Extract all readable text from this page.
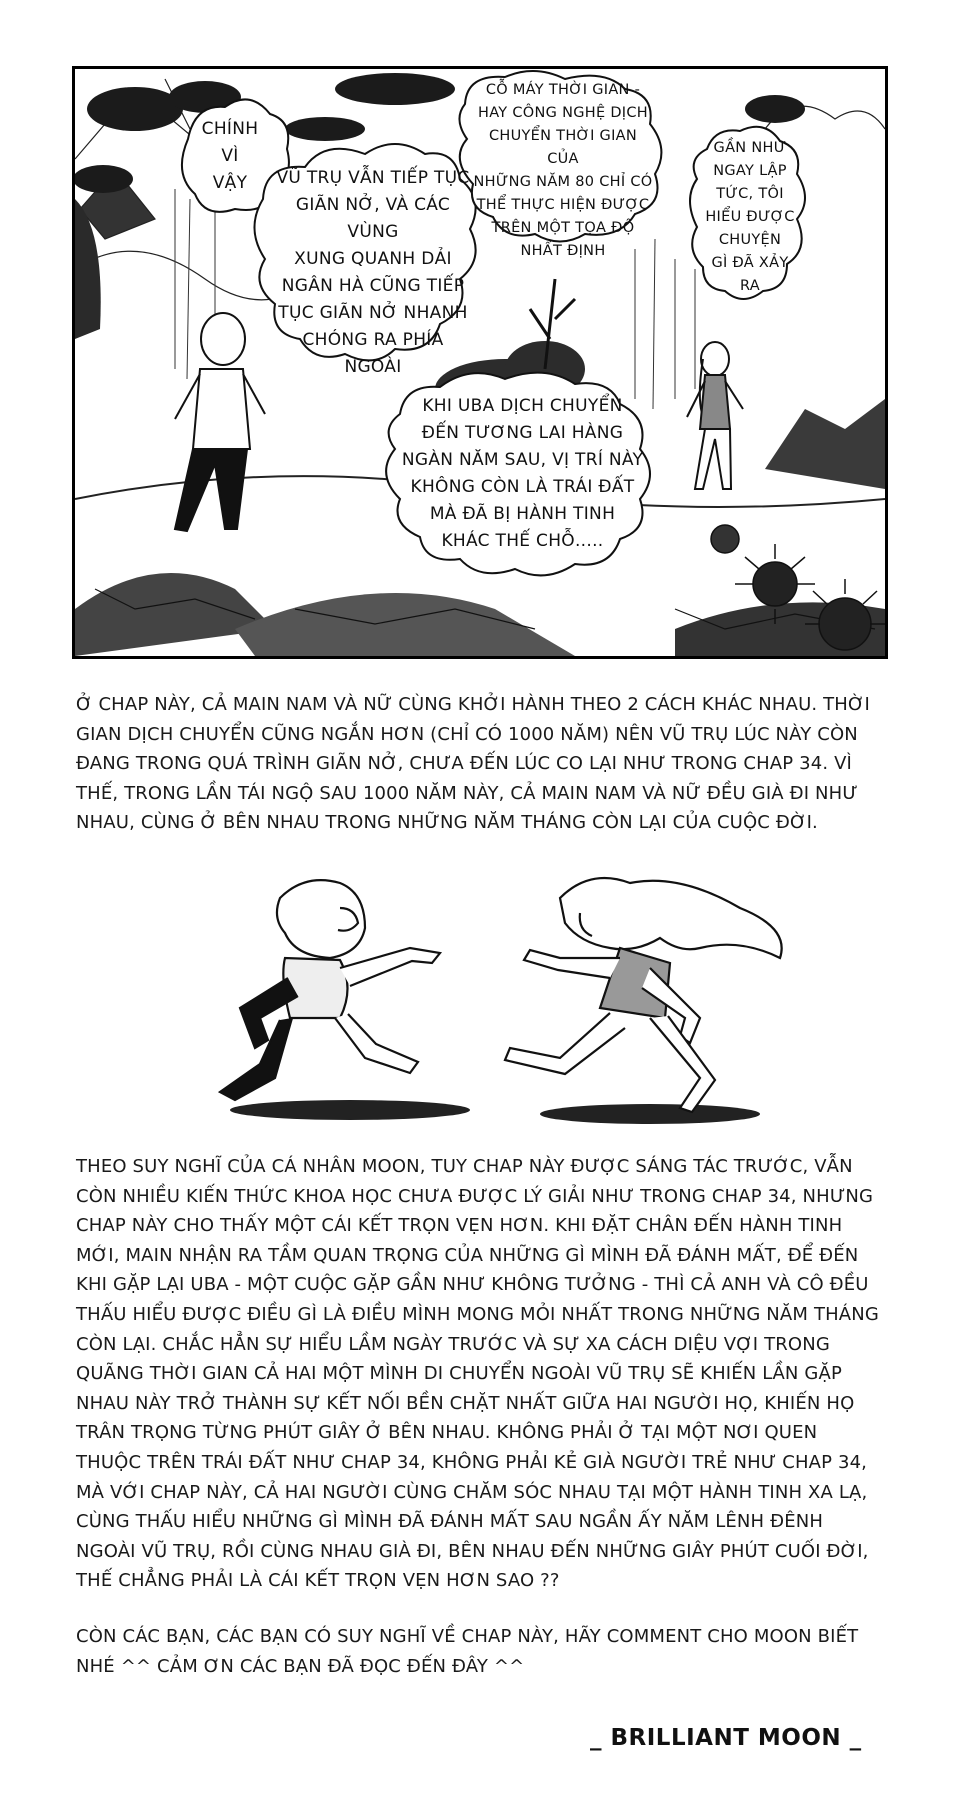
CHÍNH
VÌ
VẬY	VŨ TRỤ VẪN TIẾP TỤC
GIÃN NỞ, VÀ CÁC VÙNG
XUNG QUANH DẢI
NGÂN HÀ CŨNG TIẾP
TỤC GIÃN NỞ NHANH
CHÓNG RA PHÍA
NGOÀI
CỖ MÁY THỜI GIAN -
HAY CÔNG NGHỆ DỊCH
CHUYỂN THỜI GIAN CỦA
NHỮNG NĂM 80 CHỈ CÓ
THỂ THỰC HIỆN ĐƯỢC
TRÊN MỘT TỌA ĐỘ
NHẤT ĐỊNH
GẦN NHƯ
NGAY LẬP
TỨC, TÔI
HIỂU ĐƯỢC
CHUYỆN
GÌ ĐÃ XẢY
RA
KHI UBA DỊCH CHUYỂN
ĐẾN TƯƠNG LAI HÀNG
NGÀN NĂM SAU, VỊ TRÍ NÀY
KHÔNG CÒN LÀ TRÁI ĐẤT
MÀ ĐÃ BỊ HÀNH TINH
KHÁC THẾ CHỖ.....
Ở CHAP NÀY, CẢ MAIN NAM VÀ NỮ CÙNG KHỞI HÀNH THEO 2 CÁCH KHÁC NHAU. THỜI GIAN DỊCH CHUYỂN CŨNG NGẮN HƠN (CHỈ CÓ 1000 NĂM) NÊN VŨ TRỤ LÚC NÀY CÒN ĐANG TRONG QUÁ TRÌNH GIÃN NỞ, CHƯA ĐẾN LÚC CO LẠI NHƯ TRONG CHAP 34. VÌ THẾ, TRONG LẦN TÁI NGỘ SAU 1000 NĂM NÀY, CẢ MAIN NAM VÀ NỮ ĐỀU GIÀ ĐI NHƯ NHAU, CÙNG Ở BÊN NHAU TRONG NHỮNG NĂM THÁNG CÒN LẠI CỦA CUỘC ĐỜI.
THEO SUY NGHĨ CỦA CÁ NHÂN MOON, TUY CHAP NÀY ĐƯỢC SÁNG TÁC TRƯỚC, VẪN CÒN NHIỀU KIẾN THỨC KHOA HỌC CHƯA ĐƯỢC LÝ GIẢI NHƯ TRONG CHAP 34, NHƯNG CHAP NÀY CHO THẤY MỘT CÁI KẾT TRỌN VẸN HƠN. KHI ĐẶT CHÂN ĐẾN HÀNH TINH MỚI, MAIN NHẬN RA TẦM QUAN TRỌNG CỦA NHỮNG GÌ MÌNH ĐÃ ĐÁNH MẤT, ĐỂ ĐẾN KHI GẶP LẠI UBA - MỘT CUỘC GẶP GẦN NHƯ KHÔNG TƯỞNG - THÌ CẢ ANH VÀ CÔ ĐỀU THẤU HIỂU ĐƯỢC ĐIỀU GÌ LÀ ĐIỀU MÌNH MONG MỎI NHẤT TRONG NHỮNG NĂM THÁNG CÒN LẠI. CHẮC HẲN SỰ HIỂU LẦM NGÀY TRƯỚC VÀ SỰ XA CÁCH DIỆU VỢI TRONG QUÃNG THỜI GIAN CẢ HAI MỘT MÌNH DI CHUYỂN NGOÀI VŨ TRỤ SẼ KHIẾN LẦN GẶP NHAU NÀY TRỞ THÀNH SỰ KẾT NỐI BỀN CHẶT NHẤT GIỮA HAI NGƯỜI HỌ, KHIẾN HỌ TRÂN TRỌNG TỪNG PHÚT GIÂY Ở BÊN NHAU. KHÔNG PHẢI Ở TẠI MỘT NƠI QUEN THUỘC TRÊN TRÁI ĐẤT NHƯ CHAP 34, KHÔNG PHẢI KẺ GIÀ NGƯỜI TRẺ NHƯ CHAP 34, MÀ VỚI CHAP NÀY, CẢ HAI NGƯỜI CÙNG CHĂM SÓC NHAU TẠI MỘT HÀNH TINH XA LẠ, CÙNG THẤU HIỂU NHỮNG GÌ MÌNH ĐÃ ĐÁNH MẤT SAU NGẦN ẤY NĂM LÊNH ĐÊNH NGOÀI VŨ TRỤ, RỒI CÙNG NHAU GIÀ ĐI, BÊN NHAU ĐẾN NHỮNG GIÂY PHÚT CUỐI ĐỜI, THẾ CHẲNG PHẢI LÀ CÁI KẾT TRỌN VẸN HƠN SAO ??
CÒN CÁC BẠN, CÁC BẠN CÓ SUY NGHĨ VỀ CHAP NÀY, HÃY COMMENT CHO MOON BIẾT NHÉ ^^ CẢM ƠN CÁC BẠN ĐÃ ĐỌC ĐẾN ĐÂY ^^
_ BRILLIANT MOON _
